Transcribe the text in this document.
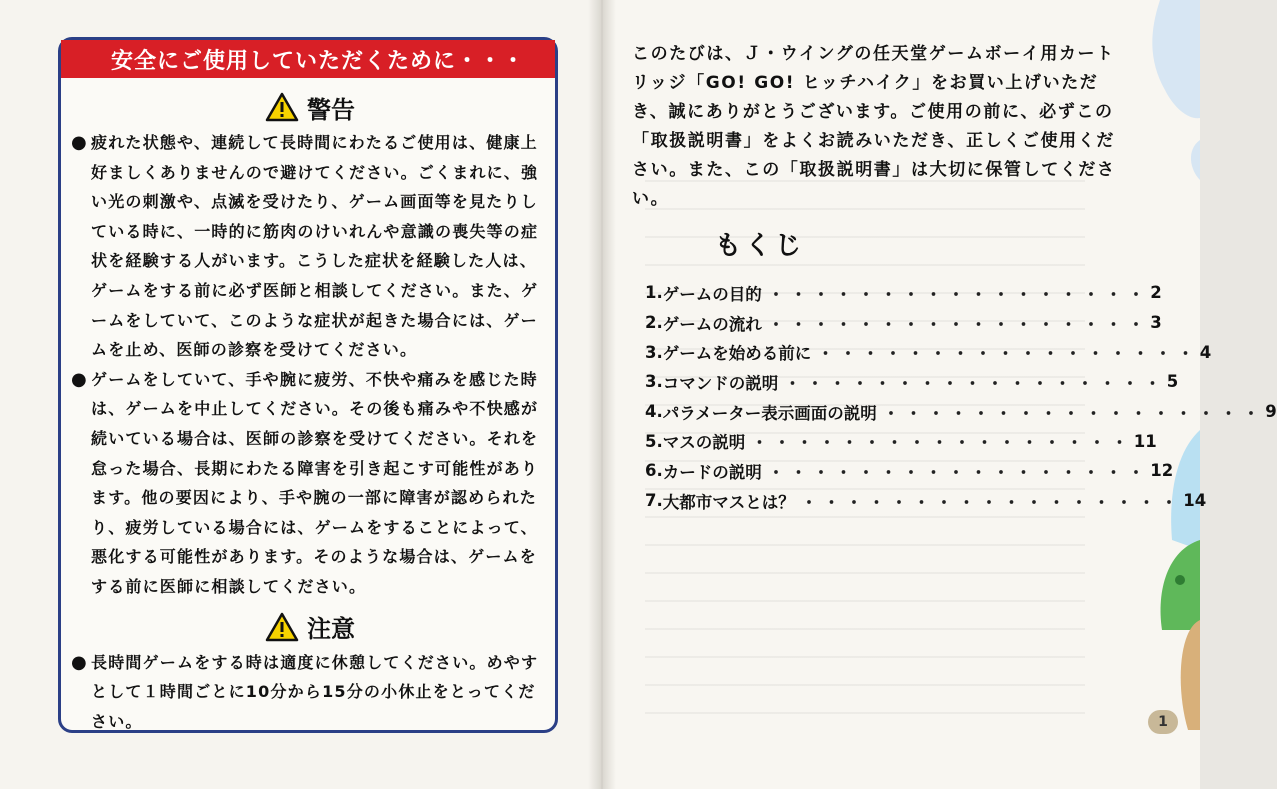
安全にご使用していただくために・・・
警告

● 疲れた状態や、連続して長時間にわたるご使用は、健康上好ましくありませんので避けてください。ごくまれに、強い光の刺激や、点滅を受けたり、ゲーム画面等を見たりしている時に、一時的に筋肉のけいれんや意識の喪失等の症状を経験する人がいます。こうした症状を経験した人は、ゲームをする前に必ず医師と相談してください。また、ゲームをしていて、このような症状が起きた場合には、ゲームを止め、医師の診察を受けてください。

● ゲームをしていて、手や腕に疲労、不快や痛みを感じた時は、ゲームを中止してください。その後も痛みや不快感が続いている場合は、医師の診察を受けてください。それを怠った場合、長期にわたる障害を引き起こす可能性があります。他の要因により、手や腕の一部に障害が認められたり、疲労している場合には、ゲームをすることによって、悪化する可能性があります。そのような場合は、ゲームをする前に医師に相談してください。

注意

● 長時間ゲームをする時は適度に休憩してください。めやすとして１時間ごとに10分から15分の小休止をとってください。

このたびは、Ｊ・ウイングの任天堂ゲームボーイ用カートリッジ「GO! GO! ヒッチハイク」をお買い上げいただき、誠にありがとうございます。ご使用の前に、必ずこの「取扱説明書」をよくお読みいただき、正しくご使用ください。また、この「取扱説明書」は大切に保管してください。
もくじ
1. ゲームの目的 ・・・・・・・・・・・・・・・・・ 2
2. ゲームの流れ ・・・・・・・・・・・・・・・・・ 3
3. ゲームを始める前に ・・・・・・・・・・・・・・・・・ 4
3. コマンドの説明 ・・・・・・・・・・・・・・・・・ 5
4. パラメーター表示画面の説明 ・・・・・・・・・・・・・・・・・ 9
5. マスの説明 ・・・・・・・・・・・・・・・・・ 11
6. カードの説明 ・・・・・・・・・・・・・・・・・ 12
7. 大都市マスとは？ ・・・・・・・・・・・・・・・・・ 14
1
